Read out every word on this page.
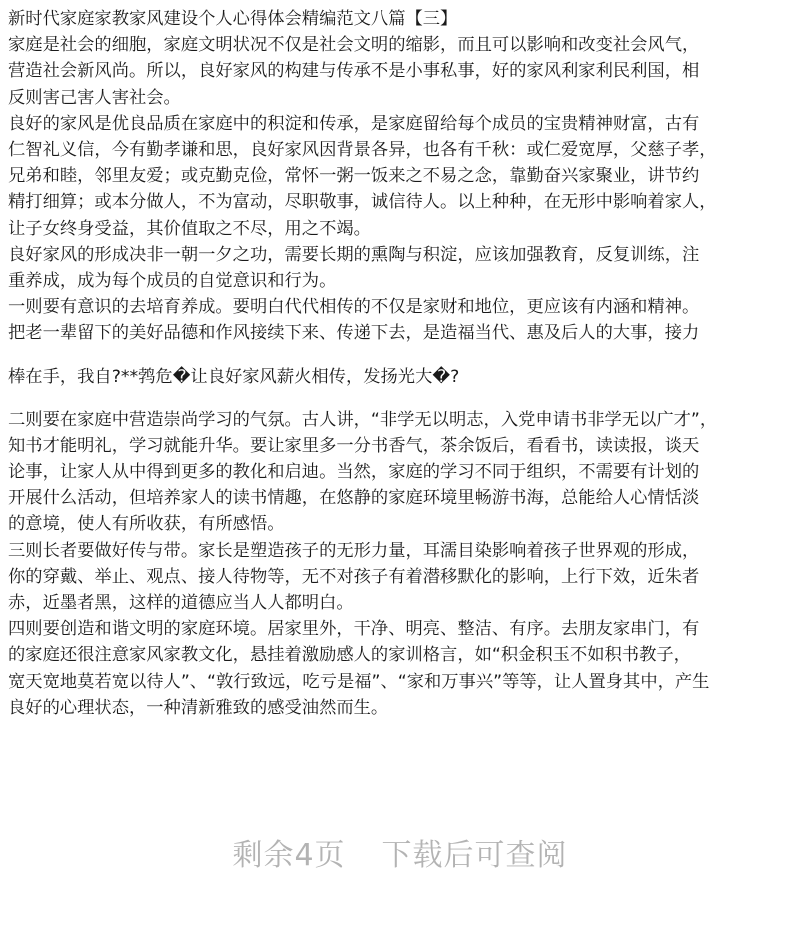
新时代家庭家教家风建设个人心得体会精编范文八篇【三】
家庭是社会的细胞，家庭文明状况不仅是社会文明的缩影，而且可以影响和改变社会风气，
营造社会新风尚。所以，良好家风的构建与传承不是小事私事，好的家风利家利民利国，相
反则害己害人害社会。
良好的家风是优良品质在家庭中的积淀和传承，是家庭留给每个成员的宝贵精神财富，古有
仁智礼义信，今有勤孝谦和思，良好家风因背景各异，也各有千秋：或仁爱宽厚，父慈子孝，
兄弟和睦，邻里友爱；或克勤克俭，常怀一粥一饭来之不易之念，靠勤奋兴家聚业，讲节约
精打细算；或本分做人，不为富动，尽职敬事，诚信待人。以上种种，在无形中影响着家人，
让子女终身受益，其价值取之不尽，用之不竭。
良好家风的形成决非一朝一夕之功，需要长期的熏陶与积淀，应该加强教育，反复训练，注
重养成，成为每个成员的自觉意识和行为。
一则要有意识的去培育养成。要明白代代相传的不仅是家财和地位，更应该有内涵和精神。
把老一辈留下的美好品德和作风接续下来、传递下去，是造福当代、惠及后人的大事，接力
棒在手，我自?**鹁危�让良好家风薪火相传，发扬光大�?
二则要在家庭中营造崇尚学习的气氛。古人讲，“非学无以明志，入党申请书非学无以广才”，
知书才能明礼，学习就能升华。要让家里多一分书香气，茶余饭后，看看书，读读报，谈天
论事，让家人从中得到更多的教化和启迪。当然，家庭的学习不同于组织，不需要有计划的
开展什么活动，但培养家人的读书情趣，在悠静的家庭环境里畅游书海，总能给人心情恬淡
的意境，使人有所收获，有所感悟。
三则长者要做好传与带。家长是塑造孩子的无形力量，耳濡目染影响着孩子世界观的形成，
你的穿戴、举止、观点、接人待物等，无不对孩子有着潜移默化的影响，上行下效，近朱者
赤，近墨者黑，这样的道德应当人人都明白。
四则要创造和谐文明的家庭环境。居家里外，干净、明亮、整洁、有序。去朋友家串门，有
的家庭还很注意家风家教文化，悬挂着激励感人的家训格言，如“积金积玉不如积书教子，
宽天宽地莫若宽以待人”、“敦行致远，吃亏是福”、“家和万事兴”等等，让人置身其中，产生
良好的心理状态，一种清新雅致的感受油然而生。
剩余4页 下载后可查阅
